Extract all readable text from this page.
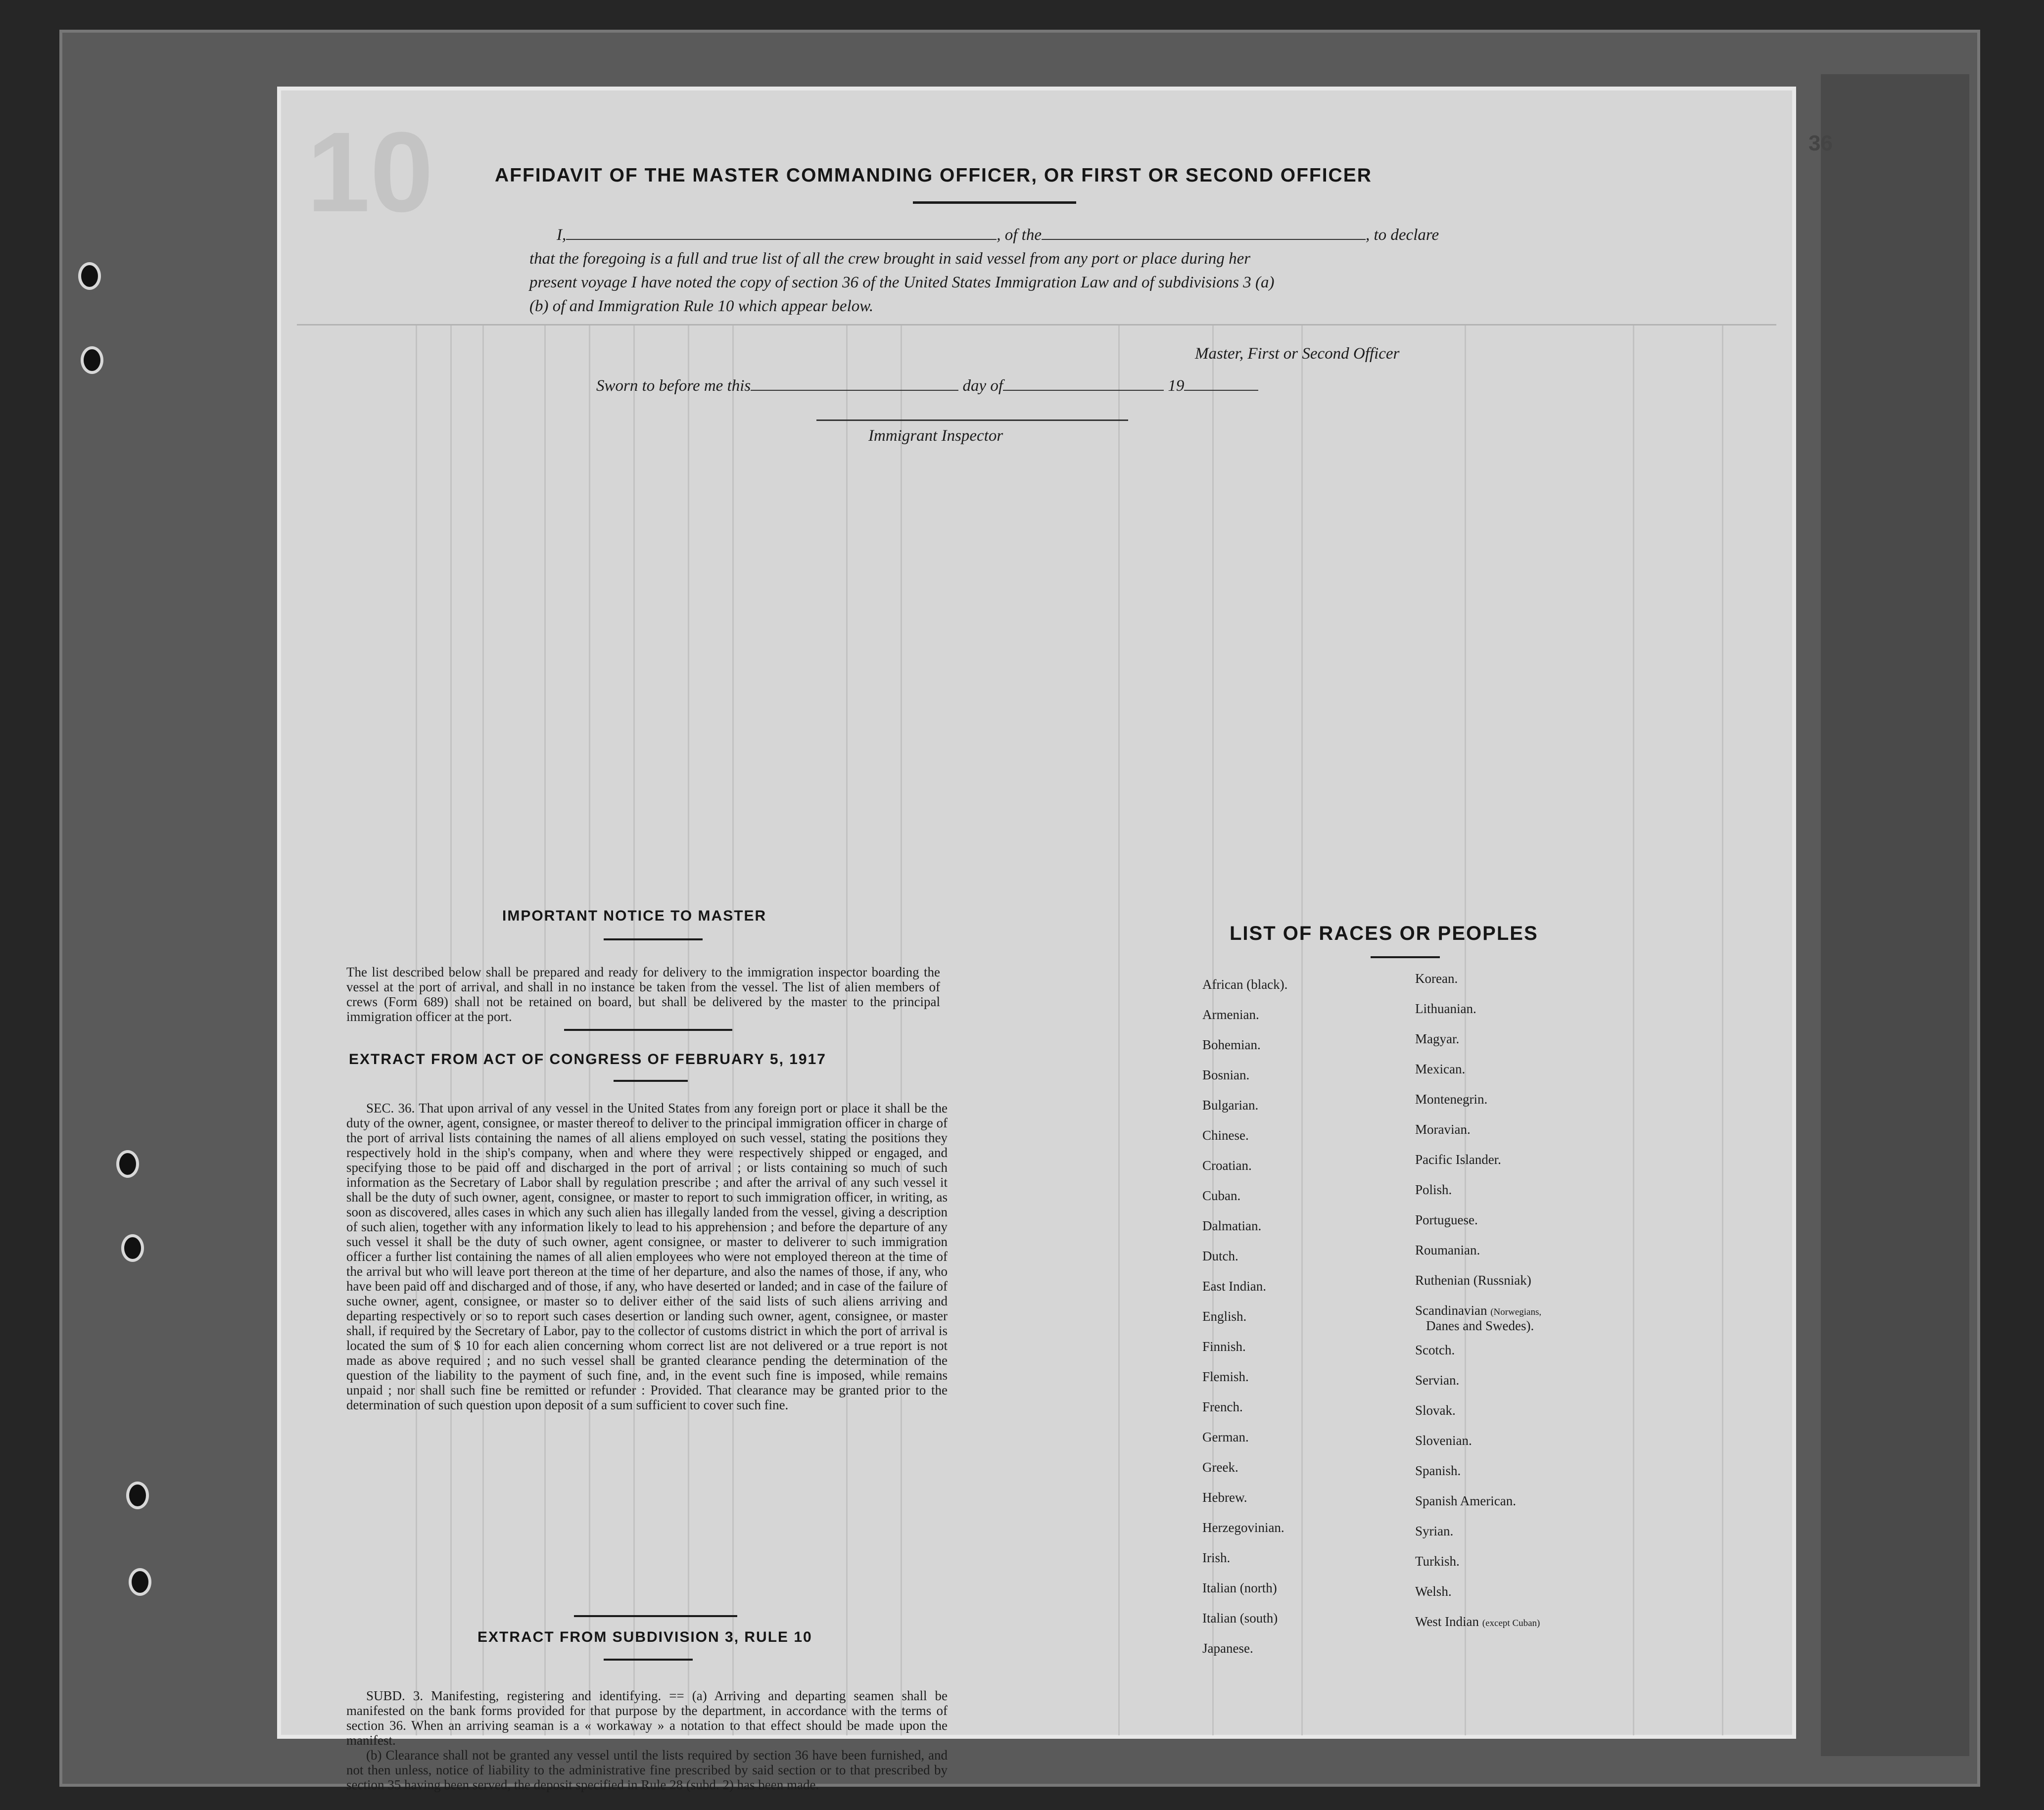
10	36
AFFIDAVIT OF THE MASTER COMMANDING OFFICER, OR FIRST OR SECOND OFFICER
I,	, of the	, to declare
that the foregoing is a full and true list of all the crew brought in said vessel from any port or place during her
present voyage I have noted the copy of section 36 of the United States Immigration Law and of subdivisions 3 (a)
(b) of and Immigration Rule 10 which appear below.
Master, First or Second Officer
Sworn to before me this	day of	19
Immigrant Inspector
IMPORTANT NOTICE TO MASTER
The list described below shall be prepared and ready for delivery to the immigration inspector boarding the vessel at the port of arrival, and shall in no instance be taken from the vessel. The list of alien members of crews (Form 689) shall not be retained on board, but shall be delivered by the master to the principal immigration officer at the port.
EXTRACT FROM ACT OF CONGRESS OF FEBRUARY 5, 1917
SEC. 36. That upon arrival of any vessel in the United States from any foreign port or place it shall be the duty of the owner, agent, consignee, or master thereof to deliver to the principal immigration officer in charge of the port of arrival lists containing the names of all aliens employed on such vessel, stating the positions they respectively hold in the ship's company, when and where they were respectively shipped or engaged, and specifying those to be paid off and discharged in the port of arrival ; or lists containing so much of such information as the Secretary of Labor shall by regulation prescribe ; and after the arrival of any such vessel it shall be the duty of such owner, agent, consignee, or master to report to such immigration officer, in writing, as soon as discovered, alles cases in which any such alien has illegally landed from the vessel, giving a description of such alien, together with any information likely to lead to his apprehension ; and before the departure of any such vessel it shall be the duty of such owner, agent consignee, or master to deliverer to such immigration officer a further list containing the names of all alien employees who were not employed thereon at the time of the arrival but who will leave port thereon at the time of her departure, and also the names of those, if any, who have been paid off and discharged and of those, if any, who have deserted or landed; and in case of the failure of suche owner, agent, consignee, or master so to deliver either of the said lists of such aliens arriving and departing respectively or so to report such cases desertion or landing such owner, agent, consignee, or master shall, if required by the Secretary of Labor, pay to the collector of customs district in which the port of arrival is located the sum of $ 10 for each alien concerning whom correct list are not delivered or a true report is not made as above required ; and no such vessel shall be granted clearance pending the determination of the question of the liability to the payment of such fine, and, in the event such fine is imposed, while remains unpaid ; nor shall such fine be remitted or refunder : Provided. That clearance may be granted prior to the determination of such question upon deposit of a sum sufficient to cover such fine.
EXTRACT FROM SUBDIVISION 3, RULE 10

SUBD. 3. Manifesting, registering and identifying. == (a) Arriving and departing seamen shall be manifested on the bank forms provided for that purpose by the department, in accordance with the terms of section 36. When an arriving seaman is a « workaway » a notation to that effect should be made upon the manifest.

(b) Clearance shall not be granted any vessel until the lists required by section 36 have been furnished, and not then unless, notice of liability to the administrative fine prescribed by said section or to that prescribed by section 35 having been served, the deposit specified in Rule 28 (subd. 2) has been made.

LIST OF RACES OR PEOPLES
African (black).
Armenian.
Bohemian.
Bosnian.
Bulgarian.
Chinese.
Croatian.
Cuban.
Dalmatian.
Dutch.
East Indian.
English.
Finnish.
Flemish.
French.
German.
Greek.
Hebrew.
Herzegovinian.
Irish.
Italian (north)
Italian (south)
Japanese.
Korean.
Lithuanian.
Magyar.
Mexican.
Montenegrin.
Moravian.
Pacific Islander.
Polish.
Portuguese.
Roumanian.
Ruthenian (Russniak)
Scandinavian (Norwegians,
Danes and Swedes).
Scotch.
Servian.
Slovak.
Slovenian.
Spanish.
Spanish American.
Syrian.
Turkish.
Welsh.
West Indian (except Cuban)
